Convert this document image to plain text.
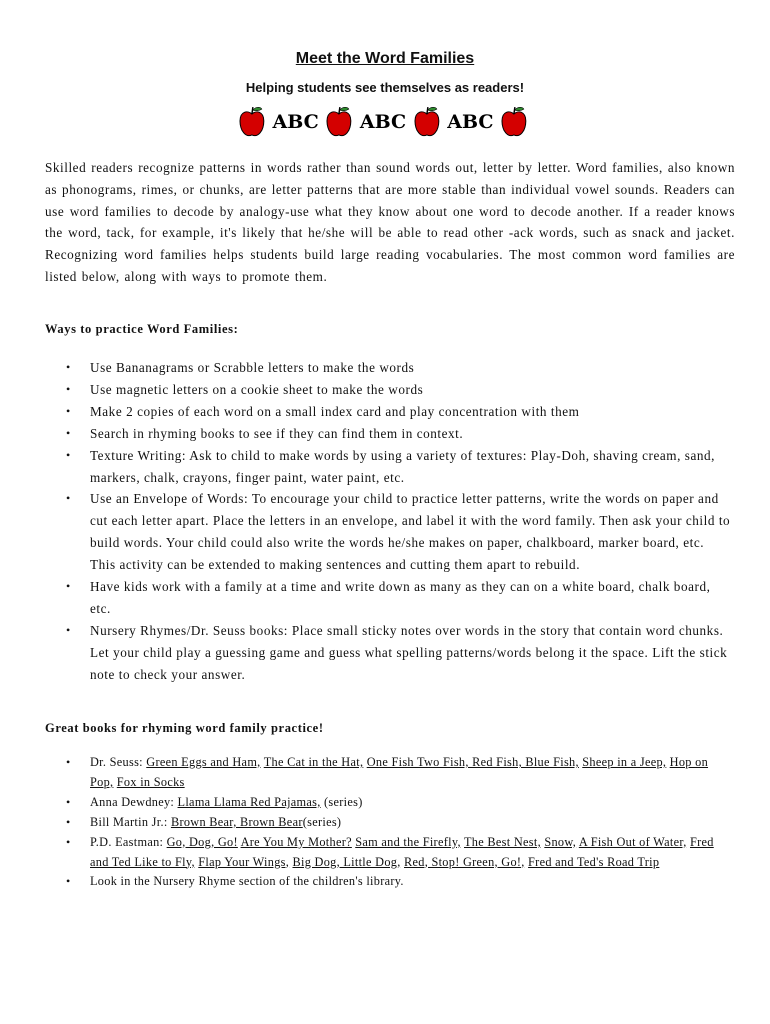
Meet the Word Families
Helping students see themselves as readers!
ABC	ABC	ABC
Skilled readers recognize patterns in words rather than sound words out, letter by letter. Word families, also known as phonograms, rimes, or chunks, are letter patterns that are more stable than individual vowel sounds. Readers can use word families to decode by analogy-use what they know about one word to decode another. If a reader knows the word, tack, for example, it's likely that he/she will be able to read other -ack words, such as snack and jacket. Recognizing word families helps students build large reading vocabularies. The most common word families are listed below, along with ways to promote them.
Ways to practice Word Families:
• Use Bananagrams or Scrabble letters to make the words
• Use magnetic letters on a cookie sheet to make the words
• Make 2 copies of each word on a small index card and play concentration with them
• Search in rhyming books to see if they can find them in context.
• Texture Writing: Ask to child to make words by using a variety of textures: Play-Doh, shaving cream, sand, markers, chalk, crayons, finger paint, water paint, etc.
• Use an Envelope of Words: To encourage your child to practice letter patterns, write the words on paper and cut each letter apart. Place the letters in an envelope, and label it with the word family. Then ask your child to build words. Your child could also write the words he/she makes on paper, chalkboard, marker board, etc. This activity can be extended to making sentences and cutting them apart to rebuild.
• Have kids work with a family at a time and write down as many as they can on a white board, chalk board, etc.
• Nursery Rhymes/Dr. Seuss books: Place small sticky notes over words in the story that contain word chunks. Let your child play a guessing game and guess what spelling patterns/words belong it the space. Lift the stick note to check your answer.
Great books for rhyming word family practice!
• Dr. Seuss: Green Eggs and Ham, The Cat in the Hat, One Fish Two Fish, Red Fish, Blue Fish, Sheep in a Jeep, Hop on Pop, Fox in Socks
• Anna Dewdney: Llama Llama Red Pajamas, (series)
• Bill Martin Jr.: Brown Bear, Brown Bear(series)
• P.D. Eastman: Go, Dog, Go! Are You My Mother? Sam and the Firefly, The Best Nest, Snow, A Fish Out of Water, Fred and Ted Like to Fly, Flap Your Wings, Big Dog, Little Dog, Red, Stop! Green, Go!, Fred and Ted's Road Trip
• Look in the Nursery Rhyme section of the children's library.
